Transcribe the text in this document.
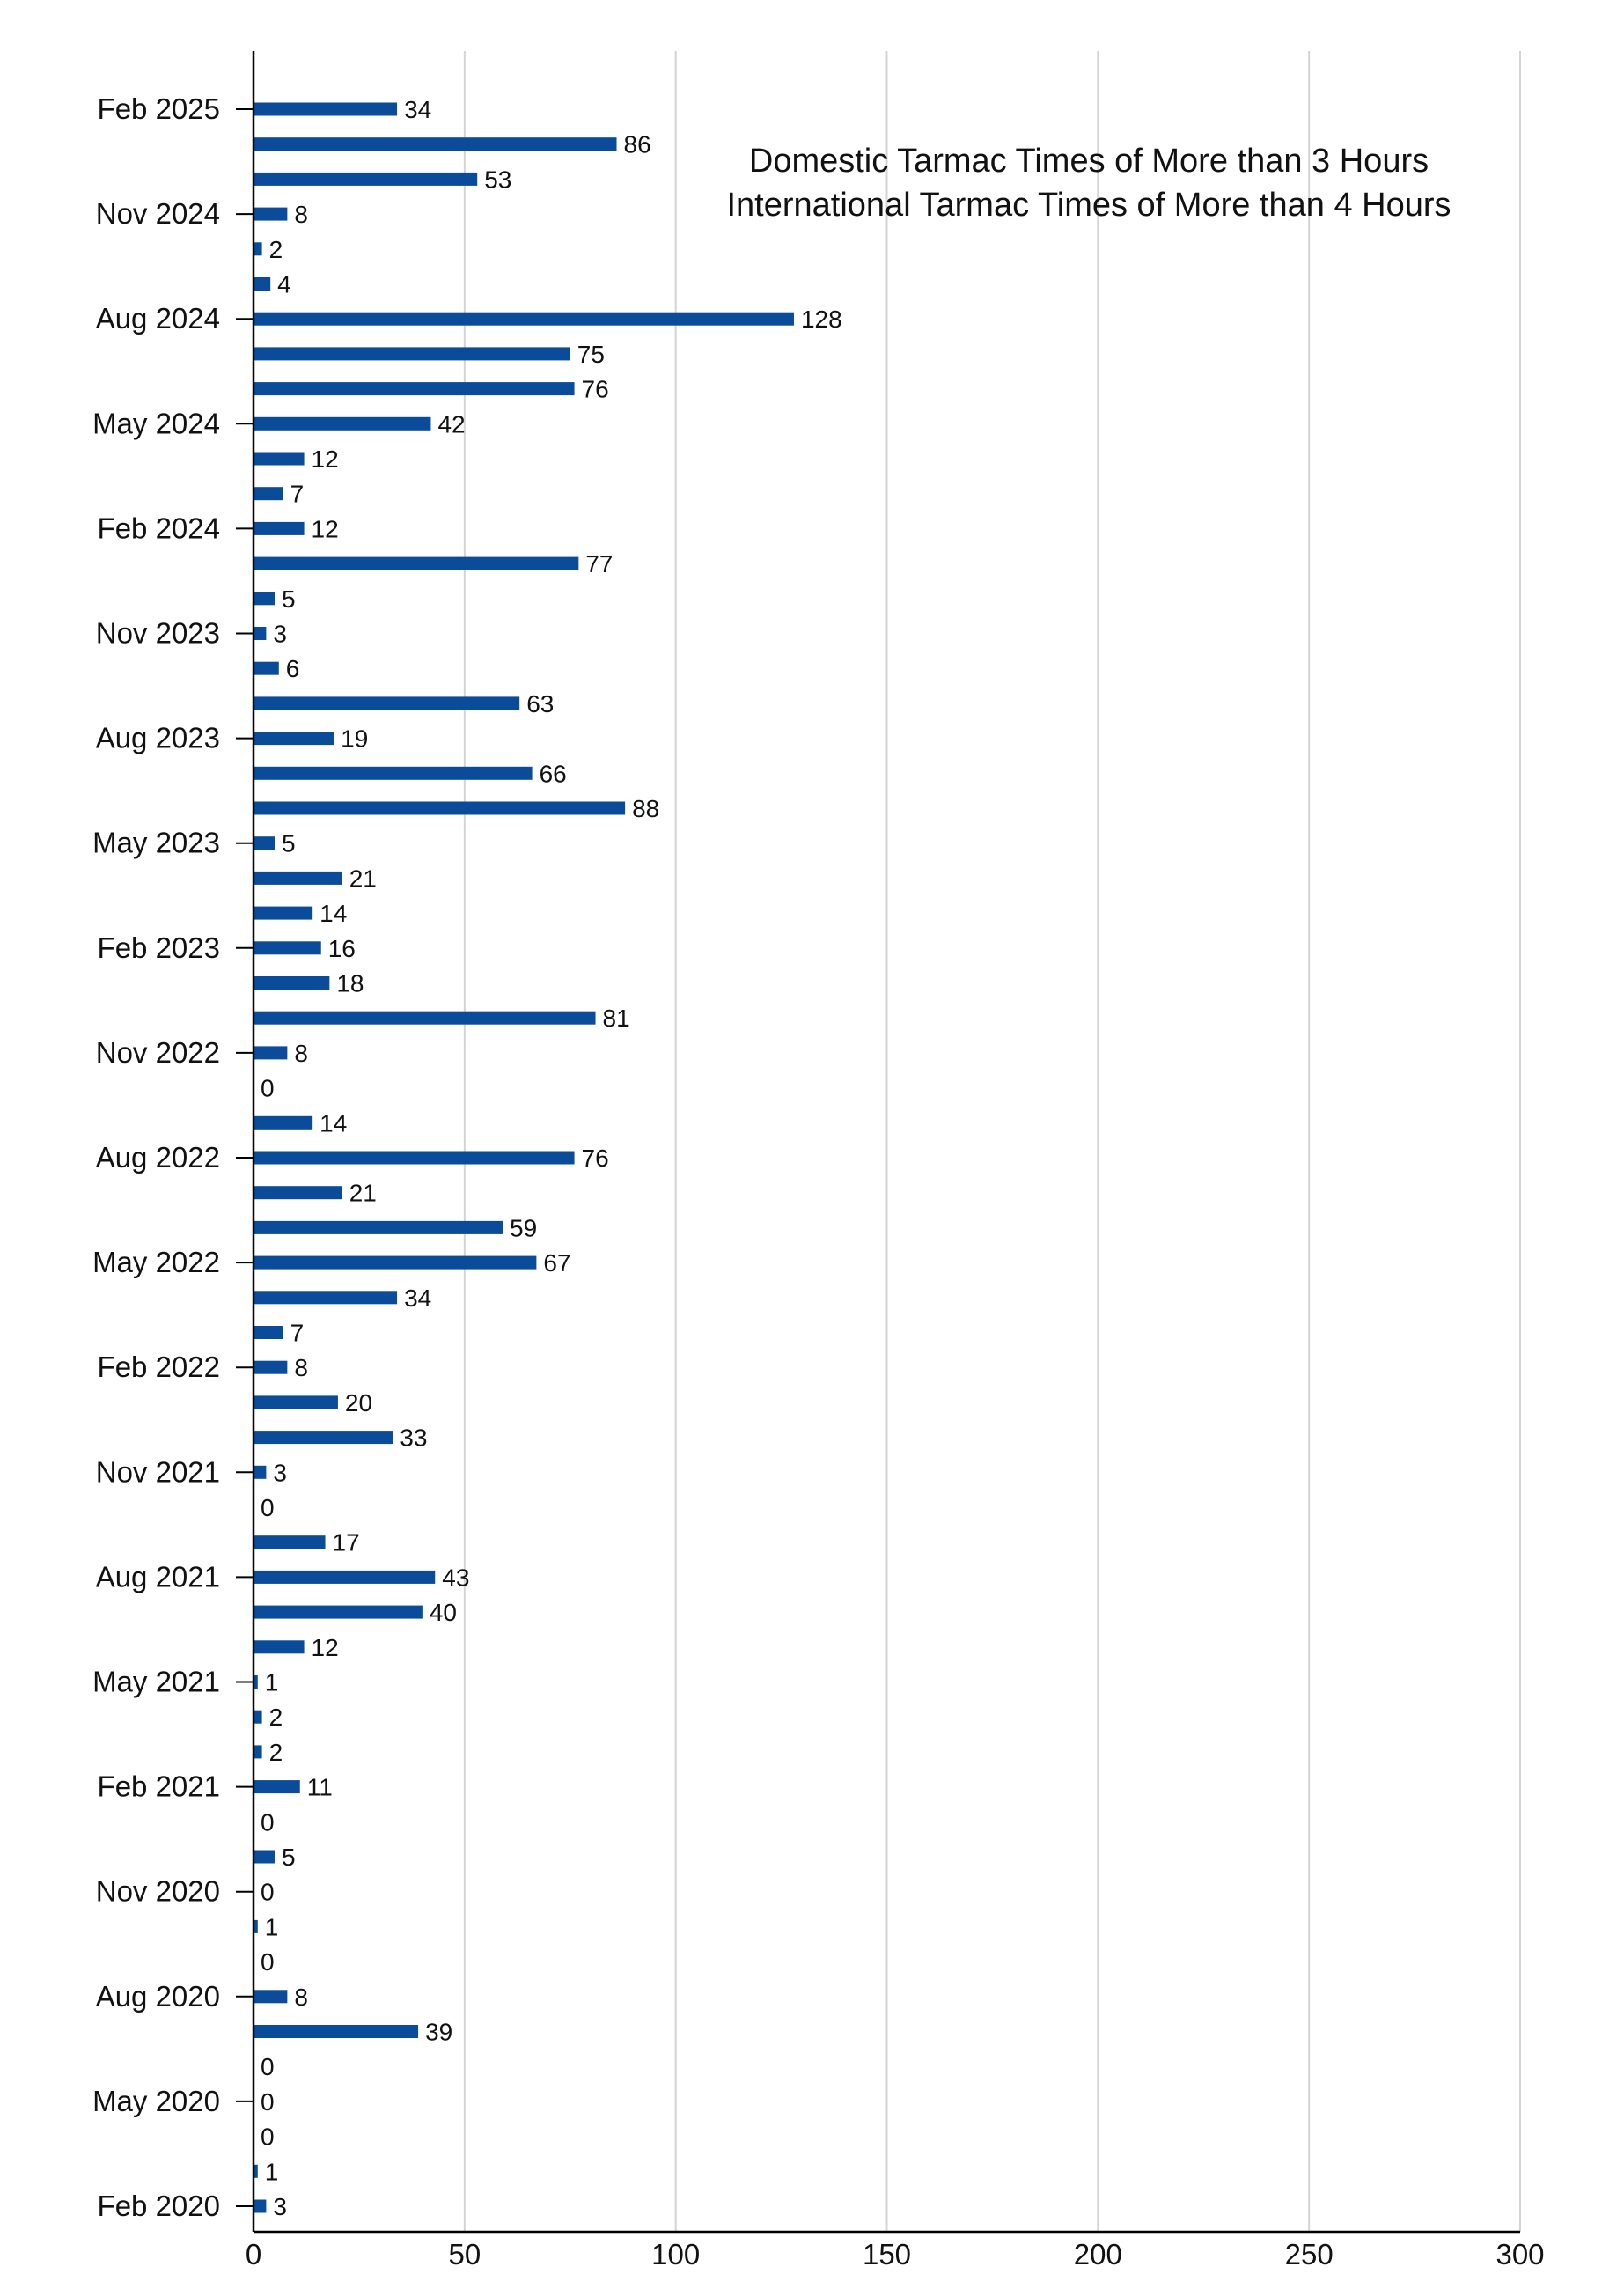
34
86
53
8
2
4
128
75
76
42
12
7
12
77
5
3
6
63
19
66
88
5
21
14
16
18
81
8
0
14
76
21
59
67
34
7
8
20
33
3
0
17
43
40
12
1
2
2
11
0
5
0
1
0
8
39
0
0
0
1
3
0	50	100	150	200	250	300
Feb 2025
Nov 2024
Aug 2024
May 2024
Feb 2024
Nov 2023
Aug 2023
May 2023
Feb 2023
Nov 2022
Aug 2022
May 2022
Feb 2022
Nov 2021
Aug 2021
May 2021
Feb 2021
Nov 2020
Aug 2020
May 2020
Feb 2020
Domestic Tarmac Times of More than 3 Hours
International Tarmac Times of More than 4 Hours
